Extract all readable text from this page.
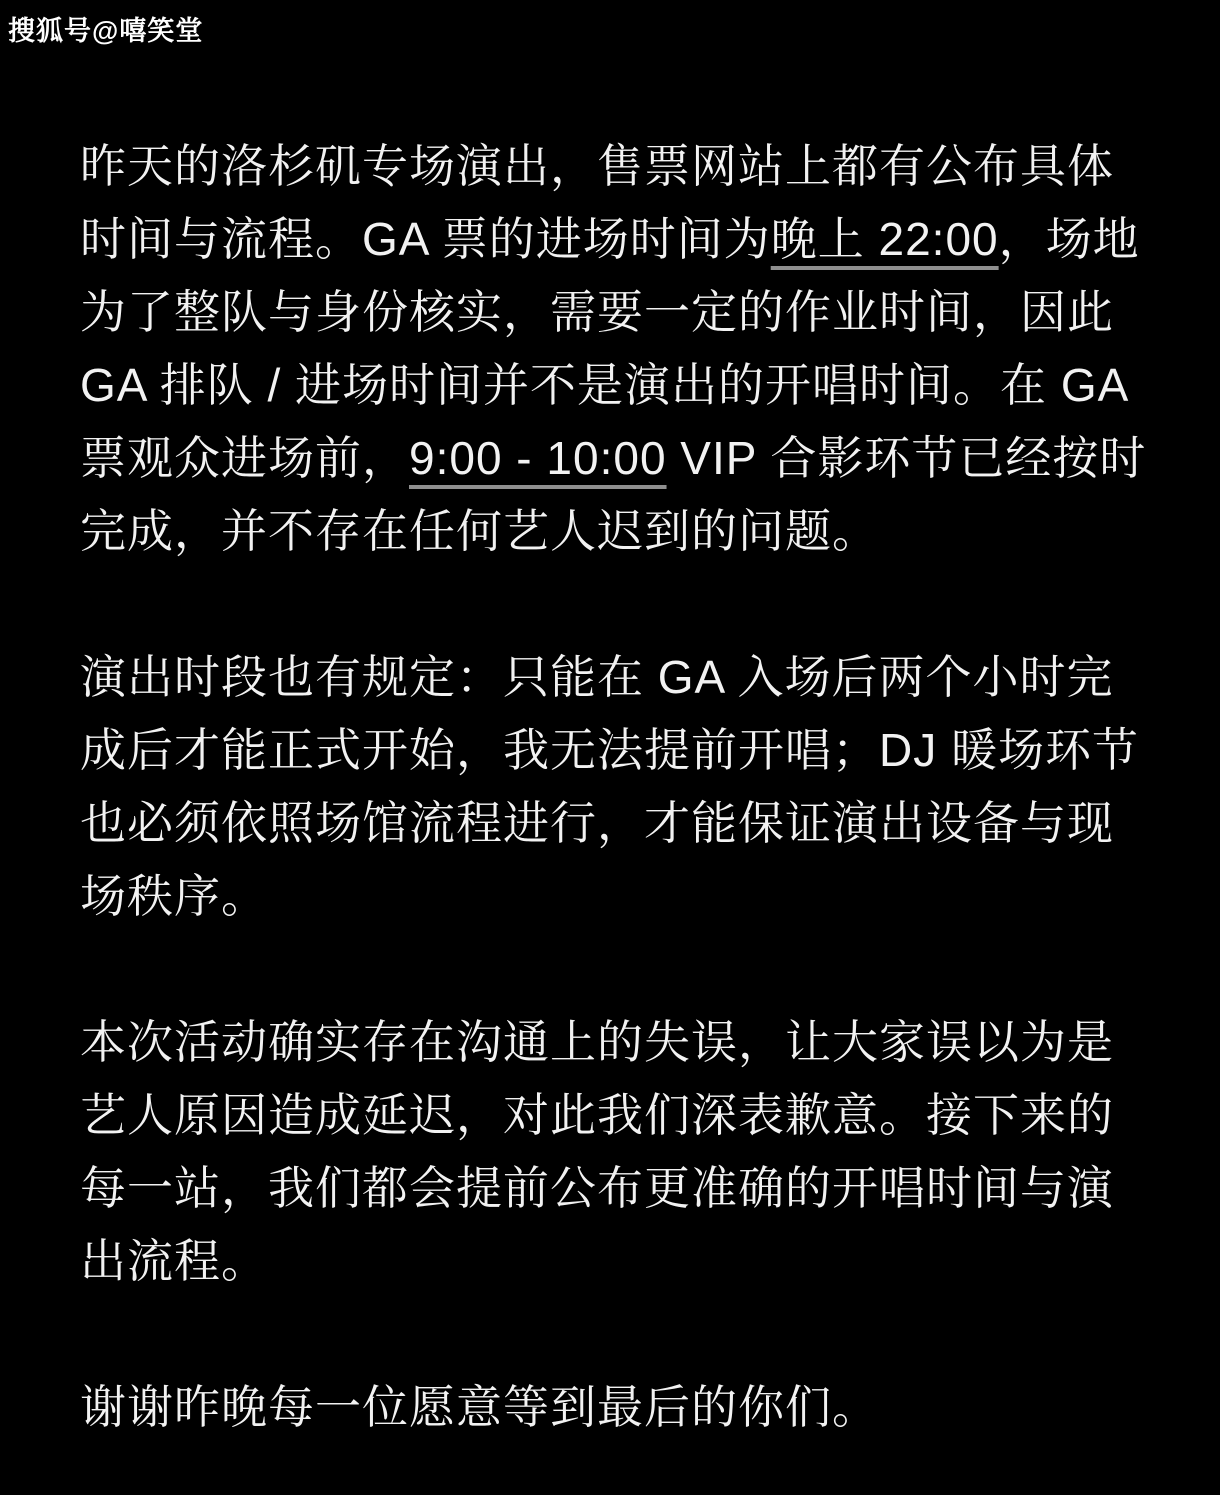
搜狐号@嘻笑堂
昨天的洛杉矶专场演出，售票网站上都有公布具体
时间与流程。GA 票的进场时间为晚上 22:00，场地
为了整队与身份核实，需要一定的作业时间，因此
GA 排队 / 进场时间并不是演出的开唱时间。在 GA
票观众进场前，9:00 - 10:00 VIP 合影环节已经按时
完成，并不存在任何艺人迟到的问题。
演出时段也有规定：只能在 GA 入场后两个小时完
成后才能正式开始，我无法提前开唱；DJ 暖场环节
也必须依照场馆流程进行，才能保证演出设备与现
场秩序。
本次活动确实存在沟通上的失误，让大家误以为是
艺人原因造成延迟，对此我们深表歉意。接下来的
每一站，我们都会提前公布更准确的开唱时间与演
出流程。
谢谢昨晚每一位愿意等到最后的你们。
